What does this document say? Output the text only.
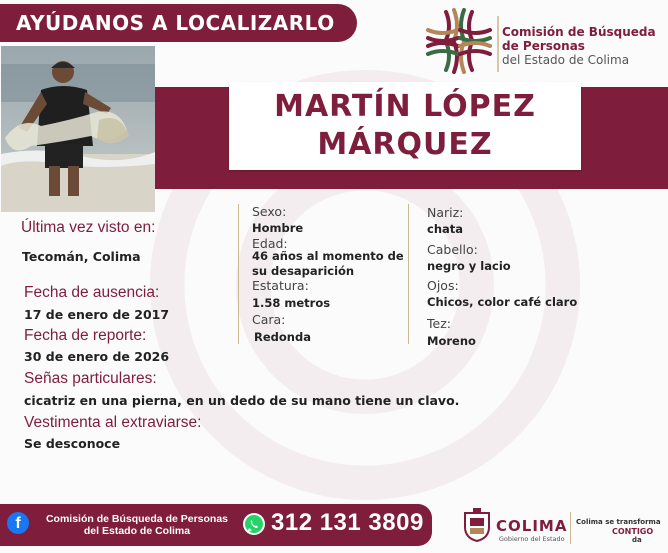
AYÚDANOS A LOCALIZARLO	Comisión de Búsqueda
de Personas
del Estado de Colima
MARTÍN LÓPEZ
MÁRQUEZ
Última vez visto en:
Tecomán, Colima
Fecha de ausencia:
17 de enero de 2017
Fecha de reporte:
30 de enero de 2026
Señas particulares:
cicatriz en una pierna, en un dedo de su mano tiene un clavo.
Vestimenta al extraviarse:
Se desconoce
Sexo:
Hombre
Edad:
46 años al momento de
su desaparición
Estatura:
1.58 metros
Cara:
Redonda
Nariz:
chata
Cabello:
negro y lacio
Ojos:
Chicos, color café claro
Tez:
Moreno
f	Comisión de Búsqueda de Personas
del Estado de Colima	312 131 3809	COLIMA
Gobierno del Estado
Colima se transforma
CONTIGO
da
